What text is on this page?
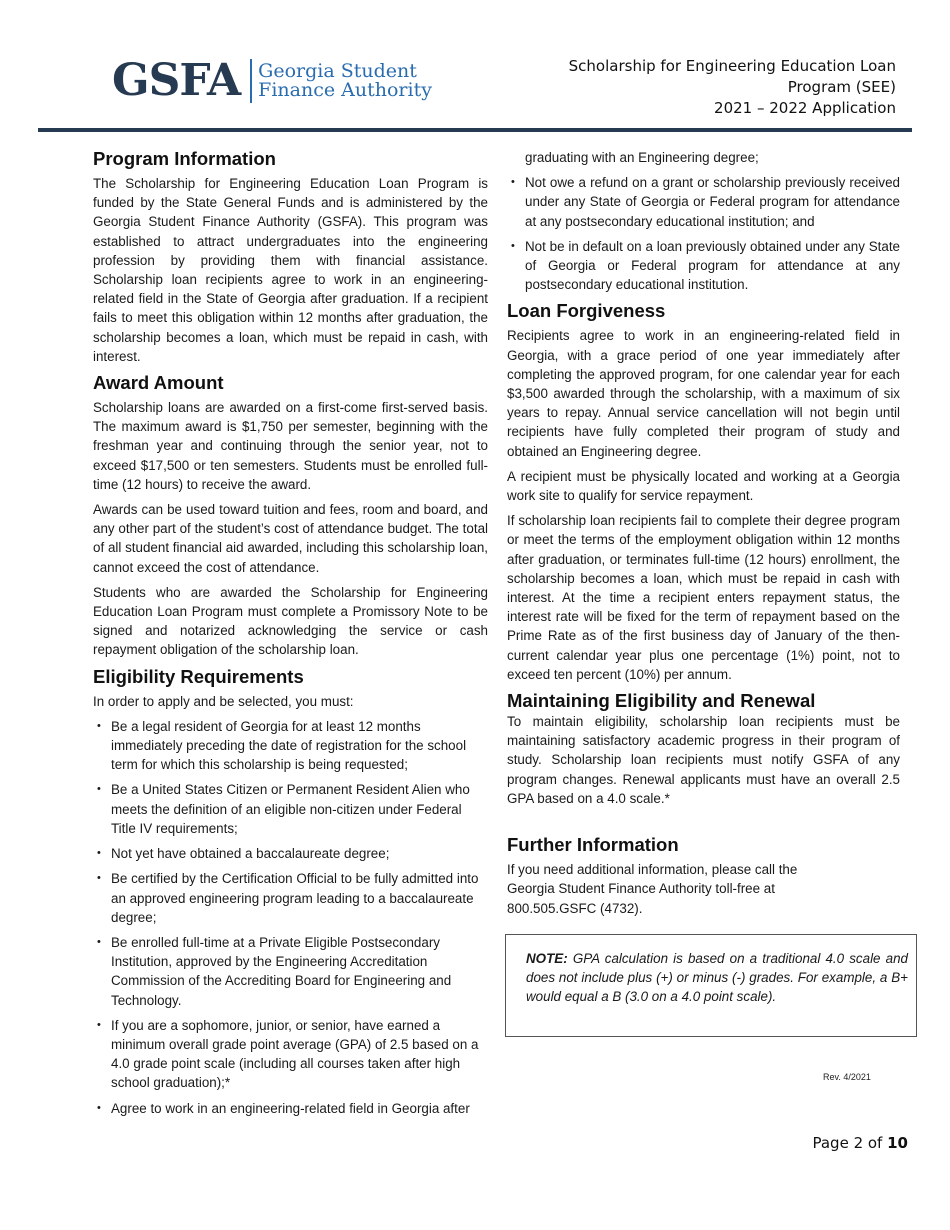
GSFA Georgia Student
Finance Authority
Scholarship for Engineering Education Loan
Program (SEE)
2021 – 2022 Application
Program Information

The Scholarship for Engineering Education Loan Program is funded by the State General Funds and is administered by the Georgia Student Finance Authority (GSFA). This program was established to attract undergraduates into the engineering profession by providing them with financial assistance. Scholarship loan recipients agree to work in an engineering-related field in the State of Georgia after graduation. If a recipient fails to meet this obligation within 12 months after graduation, the scholarship becomes a loan, which must be repaid in cash, with interest.

Award Amount

Scholarship loans are awarded on a first-come first-served basis. The maximum award is $1,750 per semester, beginning with the freshman year and continuing through the senior year, not to exceed $17,500 or ten semesters. Students must be enrolled full-time (12 hours) to receive the award.

Awards can be used toward tuition and fees, room and board, and any other part of the student’s cost of attendance budget. The total of all student financial aid awarded, including this scholarship loan, cannot exceed the cost of attendance.

Students who are awarded the Scholarship for Engineering Education Loan Program must complete a Promissory Note to be signed and notarized acknowledging the service or cash repayment obligation of the scholarship loan.

Eligibility Requirements

In order to apply and be selected, you must:

• Be a legal resident of Georgia for at least 12 months immediately preceding the date of registration for the school term for which this scholarship is being requested;
• Be a United States Citizen or Permanent Resident Alien who meets the definition of an eligible non-citizen under Federal Title IV requirements;
• Not yet have obtained a baccalaureate degree;
• Be certified by the Certification Official to be fully admitted into an approved engineering program leading to a baccalaureate degree;
• Be enrolled full-time at a Private Eligible Postsecondary Institution, approved by the Engineering Accreditation Commission of the Accrediting Board for Engineering and Technology.
• If you are a sophomore, junior, or senior, have earned a minimum overall grade point average (GPA) of 2.5 based on a 4.0 grade point scale (including all courses taken after high school graduation);*
• Agree to work in an engineering-related field in Georgia after
graduating with an Engineering degree;
• Not owe a refund on a grant or scholarship previously received under any State of Georgia or Federal program for attendance at any postsecondary educational institution; and
• Not be in default on a loan previously obtained under any State of Georgia or Federal program for attendance at any postsecondary educational institution.
Loan Forgiveness

Recipients agree to work in an engineering-related field in Georgia, with a grace period of one year immediately after completing the approved program, for one calendar year for each $3,500 awarded through the scholarship, with a maximum of six years to repay. Annual service cancellation will not begin until recipients have fully completed their program of study and obtained an Engineering degree.

A recipient must be physically located and working at a Georgia work site to qualify for service repayment.

If scholarship loan recipients fail to complete their degree program or meet the terms of the employment obligation within 12 months after graduation, or terminates full-time (12 hours) enrollment, the scholarship becomes a loan, which must be repaid in cash with interest. At the time a recipient enters repayment status, the interest rate will be fixed for the term of repayment based on the Prime Rate as of the first business day of January of the then-current calendar year plus one percentage (1%) point, not to exceed ten percent (10%) per annum.

Maintaining Eligibility and Renewal

To maintain eligibility, scholarship loan recipients must be maintaining satisfactory academic progress in their program of study. Scholarship loan recipients must notify GSFA of any program changes. Renewal applicants must have an overall 2.5 GPA based on a 4.0 scale.*

Further Information

If you need additional information, please call the Georgia Student Finance Authority toll-free at 800.505.GSFC (4732).

NOTE: GPA calculation is based on a traditional 4.0 scale and does not include plus (+) or minus (-) grades. For example, a B+ would equal a B (3.0 on a 4.0 point scale).
Rev. 4/2021
Page 2 of 10
